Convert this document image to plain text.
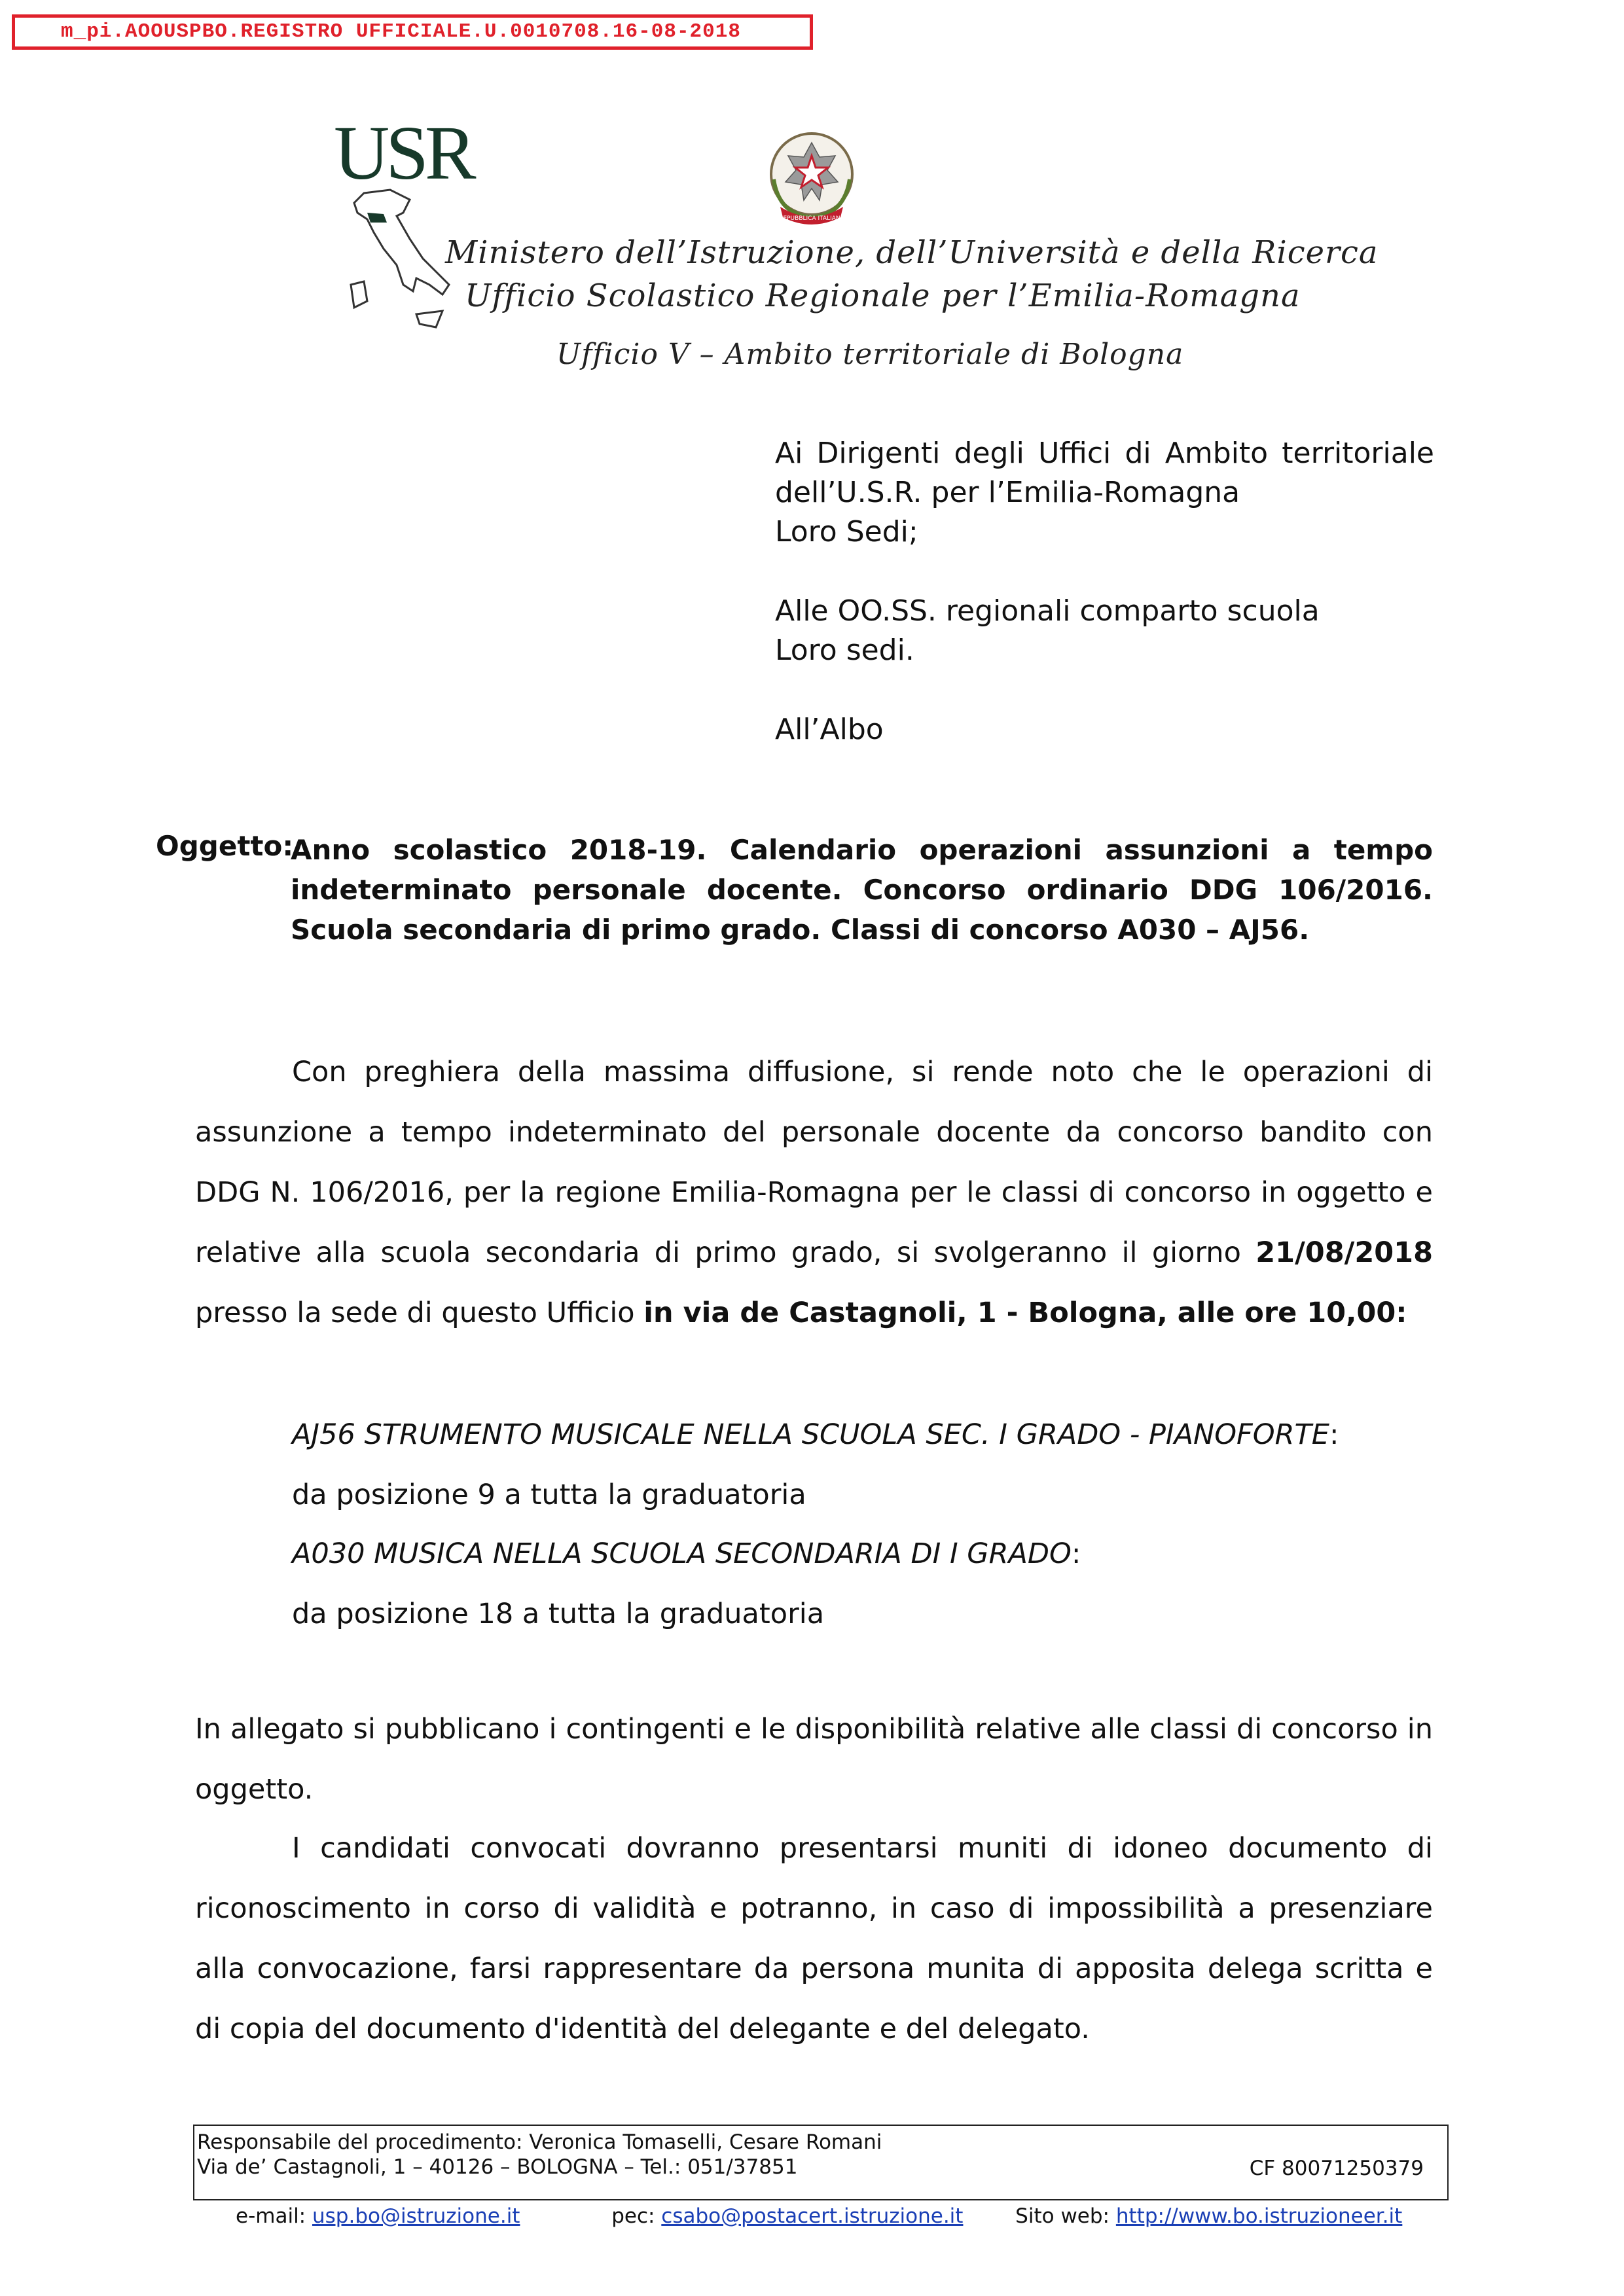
m_pi.AOOUSPBO.REGISTRO UFFICIALE.U.0010708.16-08-2018
USR
REPUBBLICA ITALIANA
Ministero dell’Istruzione, dell’Università e della Ricerca
Ufficio Scolastico Regionale per l’Emilia-Romagna
Ufficio V – Ambito territoriale di Bologna
Ai Dirigenti degli Uffici di Ambito territoriale
dell’U.S.R. per l’Emilia-Romagna
Loro Sedi;
Alle OO.SS. regionali comparto scuola
Loro sedi.
All’Albo
Oggetto:
Anno scolastico 2018-19. Calendario operazioni assunzioni a tempo indeterminato personale docente. Concorso ordinario DDG 106/2016. Scuola secondaria di primo grado. Classi di concorso A030 – AJ56.
Con preghiera della massima diffusione, si rende noto che le operazioni di assunzione a tempo indeterminato del personale docente da concorso bandito con DDG N. 106/2016, per la regione Emilia-Romagna per le classi di concorso in oggetto e relative alla scuola secondaria di primo grado, si svolgeranno il giorno 21/08/2018 presso la sede di questo Ufficio in via de Castagnoli, 1 - Bologna, alle ore 10,00:
AJ56 STRUMENTO MUSICALE NELLA SCUOLA SEC. I GRADO - PIANOFORTE:
da posizione 9 a tutta la graduatoria
A030 MUSICA NELLA SCUOLA SECONDARIA DI I GRADO:
da posizione 18 a tutta la graduatoria
In allegato si pubblicano i contingenti e le disponibilità relative alle classi di concorso in oggetto.
I candidati convocati dovranno presentarsi muniti di idoneo documento di riconoscimento in corso di validità e potranno, in caso di impossibilità a presenziare alla convocazione, farsi rappresentare da persona munita di apposita delega scritta e di copia del documento d'identità del delegante e del delegato.
Responsabile del procedimento: Veronica Tomaselli, Cesare Romani
Via de’ Castagnoli, 1 – 40126 – BOLOGNA – Tel.: 051/37851	CF 80071250379
e-mail: usp.bo@istruzione.it	pec: csabo@postacert.istruzione.it	Sito web: http://www.bo.istruzioneer.it
